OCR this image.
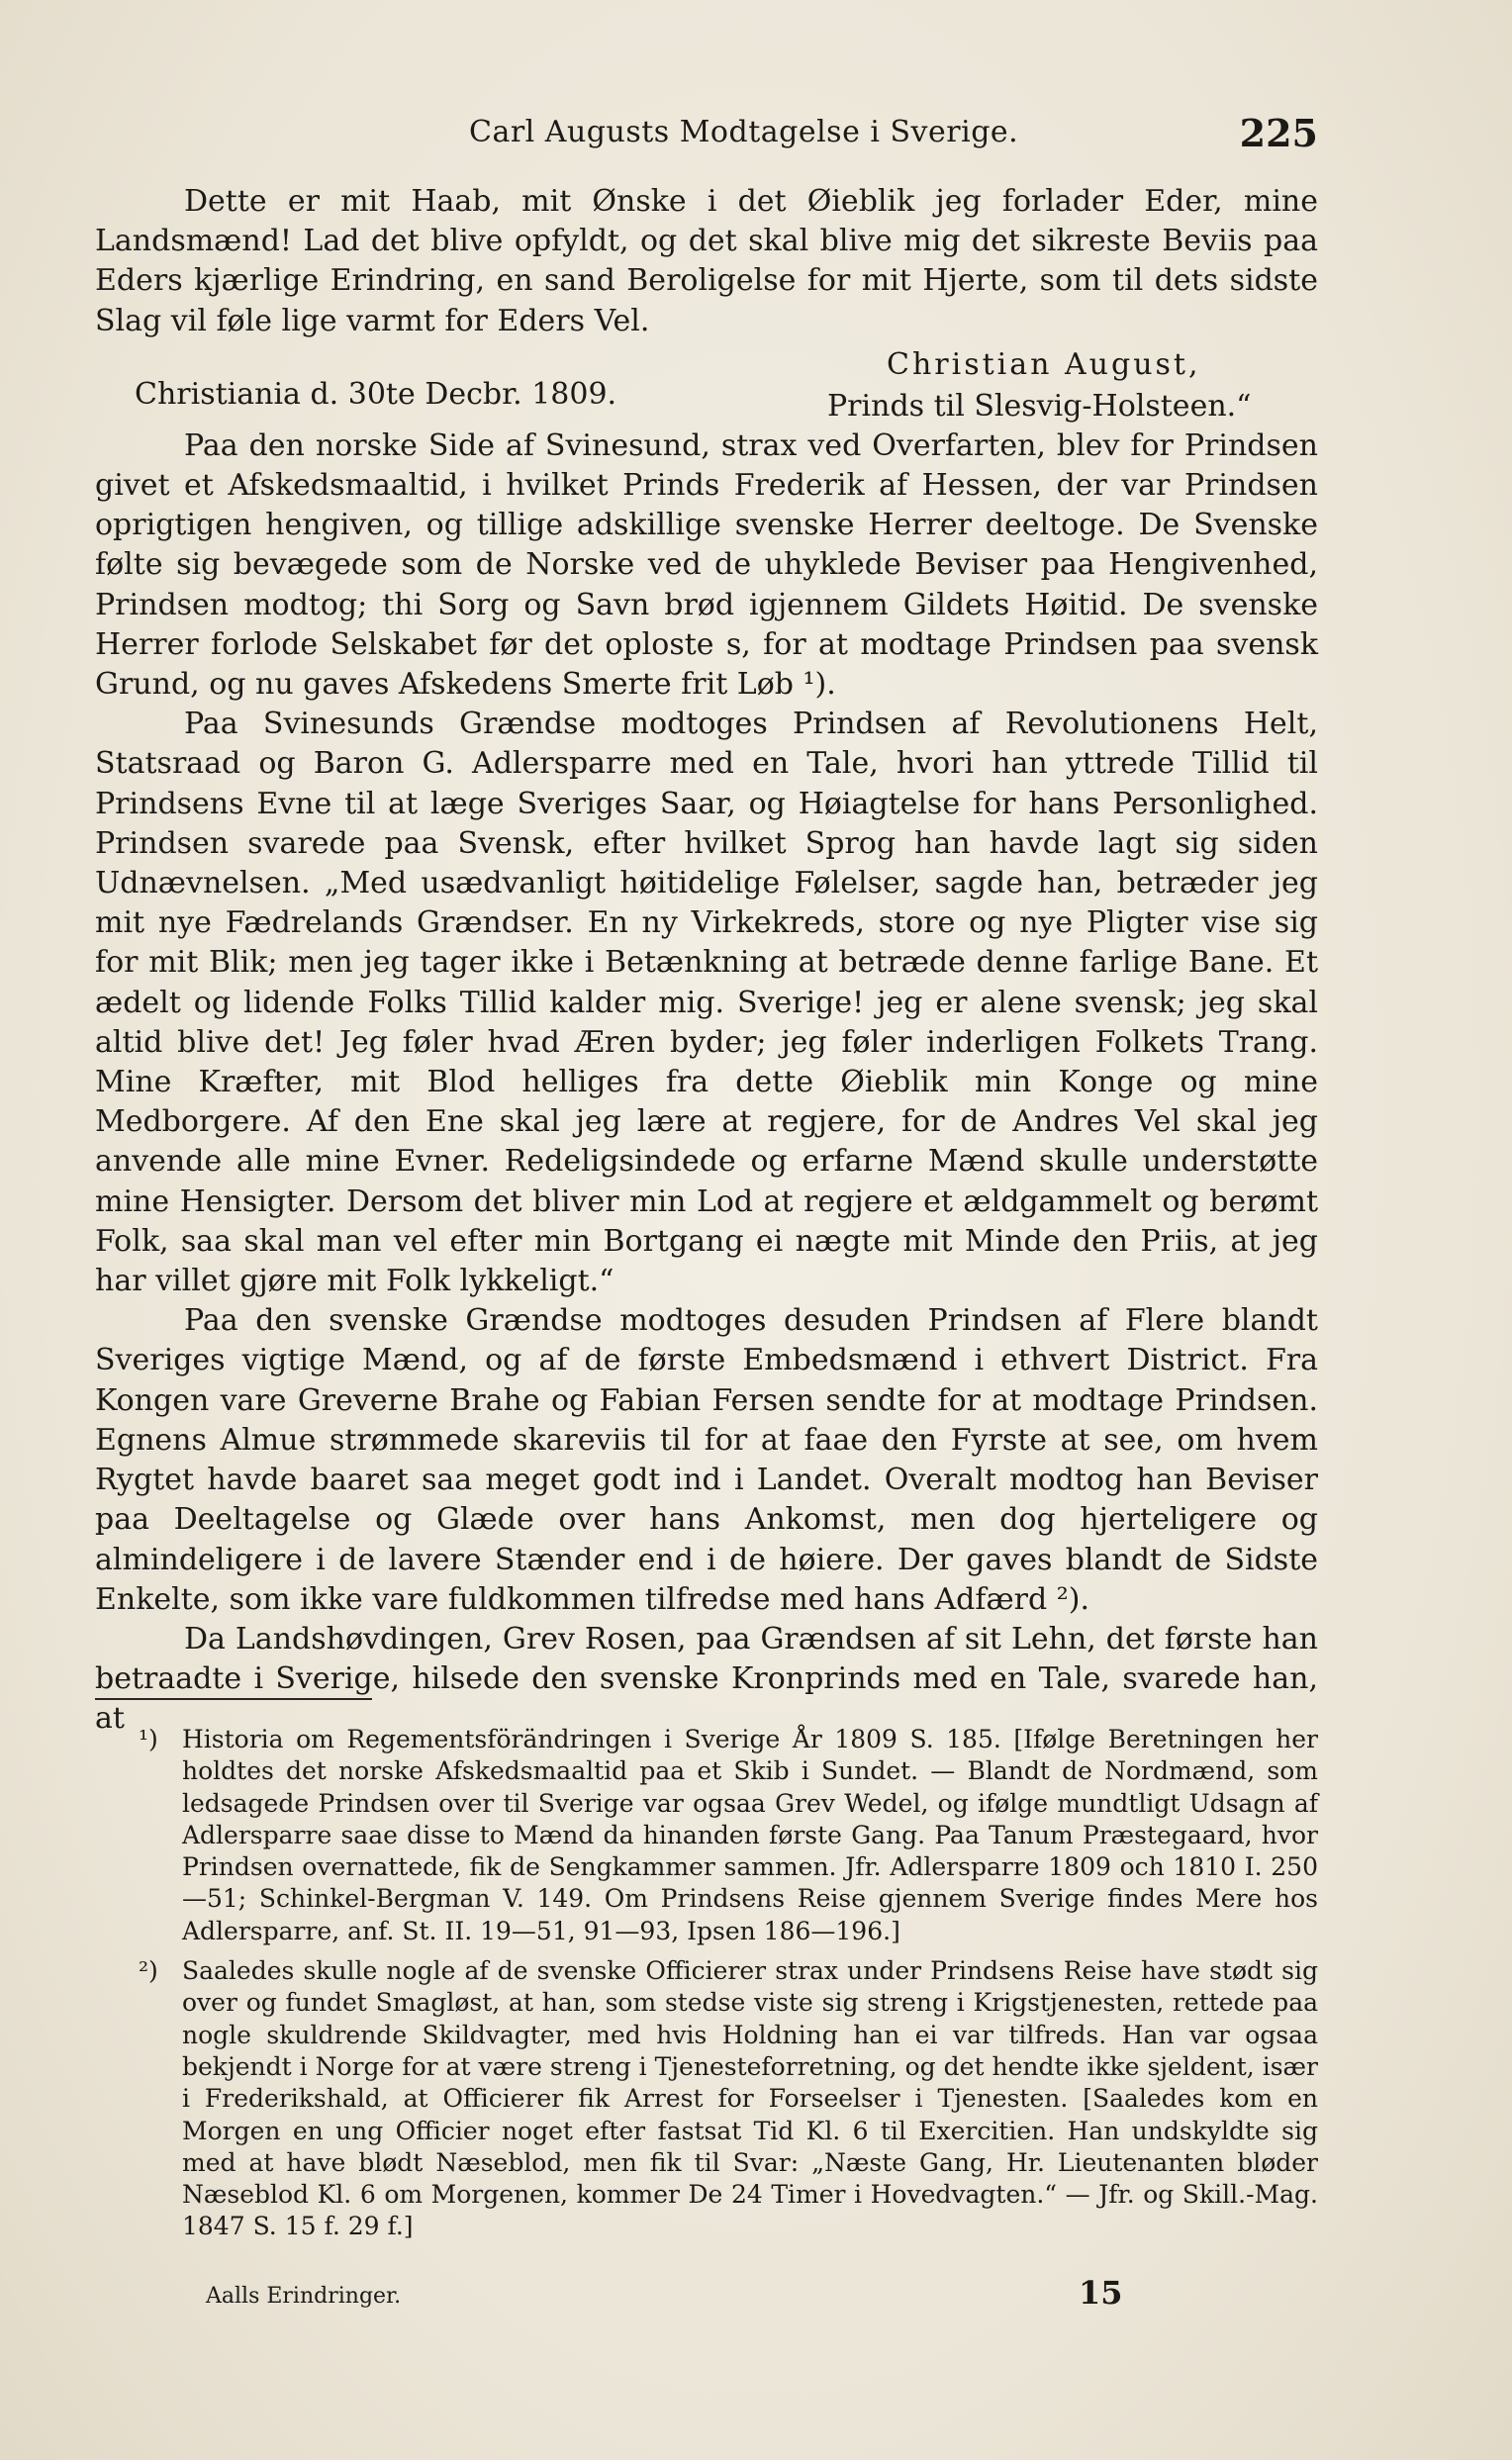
Carl Augusts Modtagelse i Sverige.	225

Dette er mit Haab, mit Ønske i det Øieblik jeg forlader Eder, mine Landsmænd! Lad det blive opfyldt, og det skal blive mig det sikreste Beviis paa Eders kjærlige Erindring, en sand Beroligelse for mit Hjerte, som til dets sidste Slag vil føle lige varmt for Eders Vel.

Christian August,
Christiania d. 30te Decbr. 1809.	Prinds til Slesvig-Holsteen.“

Paa den norske Side af Svinesund, strax ved Overfarten, blev for Prindsen givet et Afskedsmaaltid, i hvilket Prinds Frederik af Hessen, der var Prindsen oprigtigen hengiven, og tillige adskillige svenske Herrer deeltoge. De Svenske følte sig bevægede som de Norske ved de uhyklede Beviser paa Hengivenhed, Prindsen modtog; thi Sorg og Savn brød igjennem Gildets Høitid. De svenske Herrer forlode Selskabet før det oploste s, for at modtage Prindsen paa svensk Grund, og nu gaves Afskedens Smerte frit Løb ¹).

Paa Svinesunds Grændse modtoges Prindsen af Revolutionens Helt, Statsraad og Baron G. Adlersparre med en Tale, hvori han yttrede Tillid til Prindsens Evne til at læge Sveriges Saar, og Høiagtelse for hans Personlighed. Prindsen svarede paa Svensk, efter hvilket Sprog han havde lagt sig siden Udnævnelsen. „Med usædvanligt høitidelige Følelser, sagde han, betræder jeg mit nye Fædrelands Grændser. En ny Virkekreds, store og nye Pligter vise sig for mit Blik; men jeg tager ikke i Betænkning at betræde denne farlige Bane. Et ædelt og lidende Folks Tillid kalder mig. Sverige! jeg er alene svensk; jeg skal altid blive det! Jeg føler hvad Æren byder; jeg føler inderligen Folkets Trang. Mine Kræfter, mit Blod helliges fra dette Øieblik min Konge og mine Medborgere. Af den Ene skal jeg lære at regjere, for de Andres Vel skal jeg anvende alle mine Evner. Redeligsindede og erfarne Mænd skulle understøtte mine Hensigter. Dersom det bliver min Lod at regjere et ældgammelt og berømt Folk, saa skal man vel efter min Bortgang ei nægte mit Minde den Priis, at jeg har villet gjøre mit Folk lykkeligt.“

Paa den svenske Grændse modtoges desuden Prindsen af Flere blandt Sveriges vigtige Mænd, og af de første Embedsmænd i ethvert District. Fra Kongen vare Greverne Brahe og Fabian Fersen sendte for at modtage Prindsen. Egnens Almue strømmede skareviis til for at faae den Fyrste at see, om hvem Rygtet havde baaret saa meget godt ind i Landet. Overalt modtog han Beviser paa Deeltagelse og Glæde over hans Ankomst, men dog hjerteligere og almindeligere i de lavere Stænder end i de høiere. Der gaves blandt de Sidste Enkelte, som ikke vare fuldkommen tilfredse med hans Adfærd ²).

Da Landshøvdingen, Grev Rosen, paa Grændsen af sit Lehn, det første han betraadte i Sverige, hilsede den svenske Kronprinds med en Tale, svarede han, at

¹) Historia om Regementsförändringen i Sverige År 1809 S. 185. [Ifølge Beretningen her holdtes det norske Afskedsmaaltid paa et Skib i Sundet. — Blandt de Nordmænd, som ledsagede Prindsen over til Sverige var ogsaa Grev Wedel, og ifølge mundtligt Udsagn af Adlersparre saae disse to Mænd da hinanden første Gang. Paa Tanum Præstegaard, hvor Prindsen overnattede, fik de Sengkammer sammen. Jfr. Adlersparre 1809 och 1810 I. 250—51; Schinkel-Bergman V. 149. Om Prindsens Reise gjennem Sverige findes Mere hos Adlersparre, anf. St. II. 19—51, 91—93, Ipsen 186—196.]
²) Saaledes skulle nogle af de svenske Officierer strax under Prindsens Reise have stødt sig over og fundet Smagløst, at han, som stedse viste sig streng i Krigstjenesten, rettede paa nogle skuldrende Skildvagter, med hvis Holdning han ei var tilfreds. Han var ogsaa bekjendt i Norge for at være streng i Tjenesteforretning, og det hendte ikke sjeldent, især i Frederikshald, at Officierer fik Arrest for Forseelser i Tjenesten. [Saaledes kom en Morgen en ung Officier noget efter fastsat Tid Kl. 6 til Exercitien. Han undskyldte sig med at have blødt Næseblod, men fik til Svar: „Næste Gang, Hr. Lieutenanten bløder Næseblod Kl. 6 om Morgenen, kommer De 24 Timer i Hovedvagten.“ — Jfr. og Skill.-Mag. 1847 S. 15 f. 29 f.]
Aalls Erindringer.	15
